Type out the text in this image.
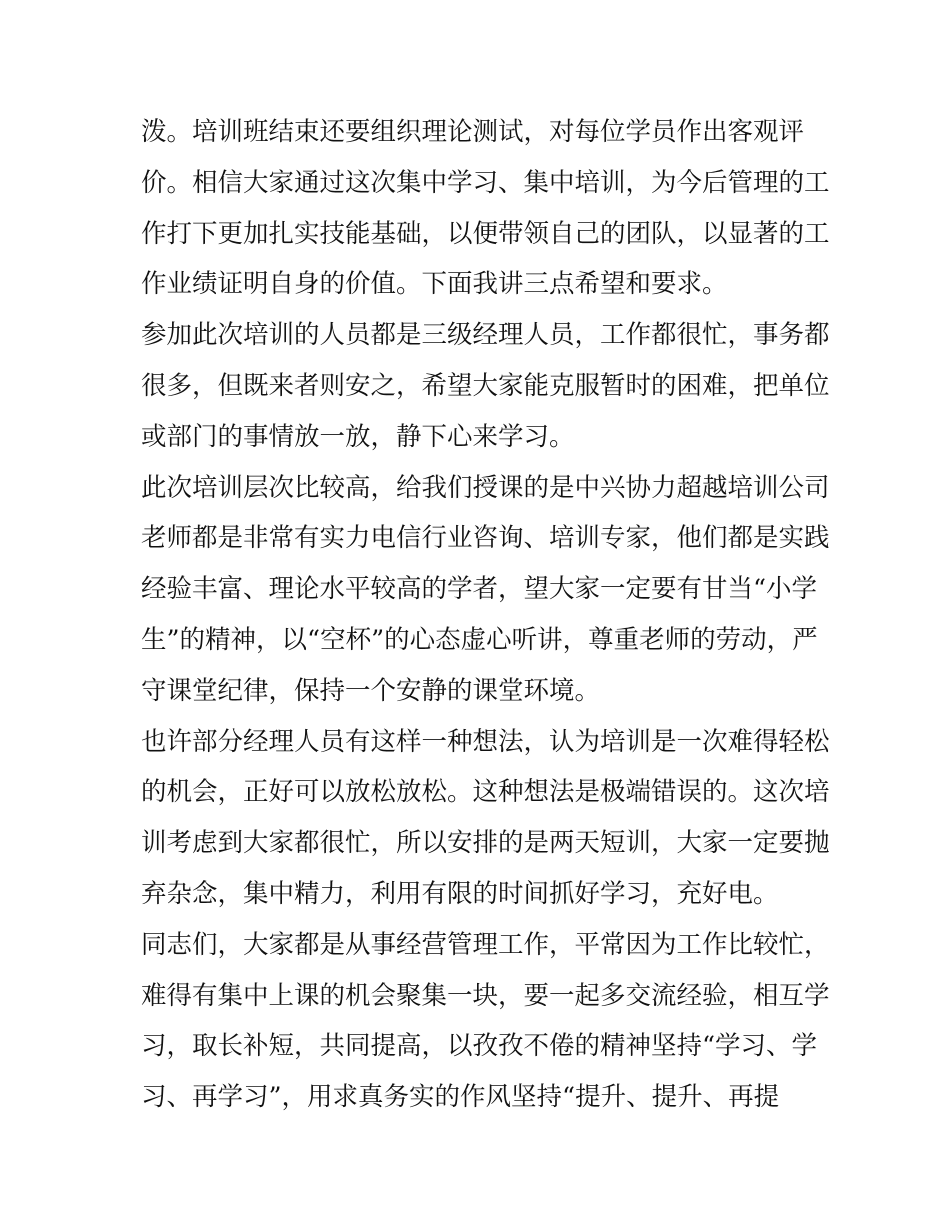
泼。培训班结束还要组织理论测试，对每位学员作出客观评
价。相信大家通过这次集中学习、集中培训，为今后管理的工
作打下更加扎实技能基础，以便带领自己的团队，以显著的工
作业绩证明自身的价值。下面我讲三点希望和要求。
参加此次培训的人员都是三级经理人员，工作都很忙，事务都
很多，但既来者则安之，希望大家能克服暂时的困难，把单位
或部门的事情放一放，静下心来学习。
此次培训层次比较高，给我们授课的是中兴协力超越培训公司
老师都是非常有实力电信行业咨询、培训专家，他们都是实践
经验丰富、理论水平较高的学者，望大家一定要有甘当“小学
生”的精神，以“空杯”的心态虚心听讲，尊重老师的劳动，严
守课堂纪律，保持一个安静的课堂环境。
也许部分经理人员有这样一种想法，认为培训是一次难得轻松
的机会，正好可以放松放松。这种想法是极端错误的。这次培
训考虑到大家都很忙，所以安排的是两天短训，大家一定要抛
弃杂念，集中精力，利用有限的时间抓好学习，充好电。
同志们，大家都是从事经营管理工作，平常因为工作比较忙，
难得有集中上课的机会聚集一块，要一起多交流经验，相互学
习，取长补短，共同提高，以孜孜不倦的精神坚持“学习、学
习、再学习”，用求真务实的作风坚持“提升、提升、再提
